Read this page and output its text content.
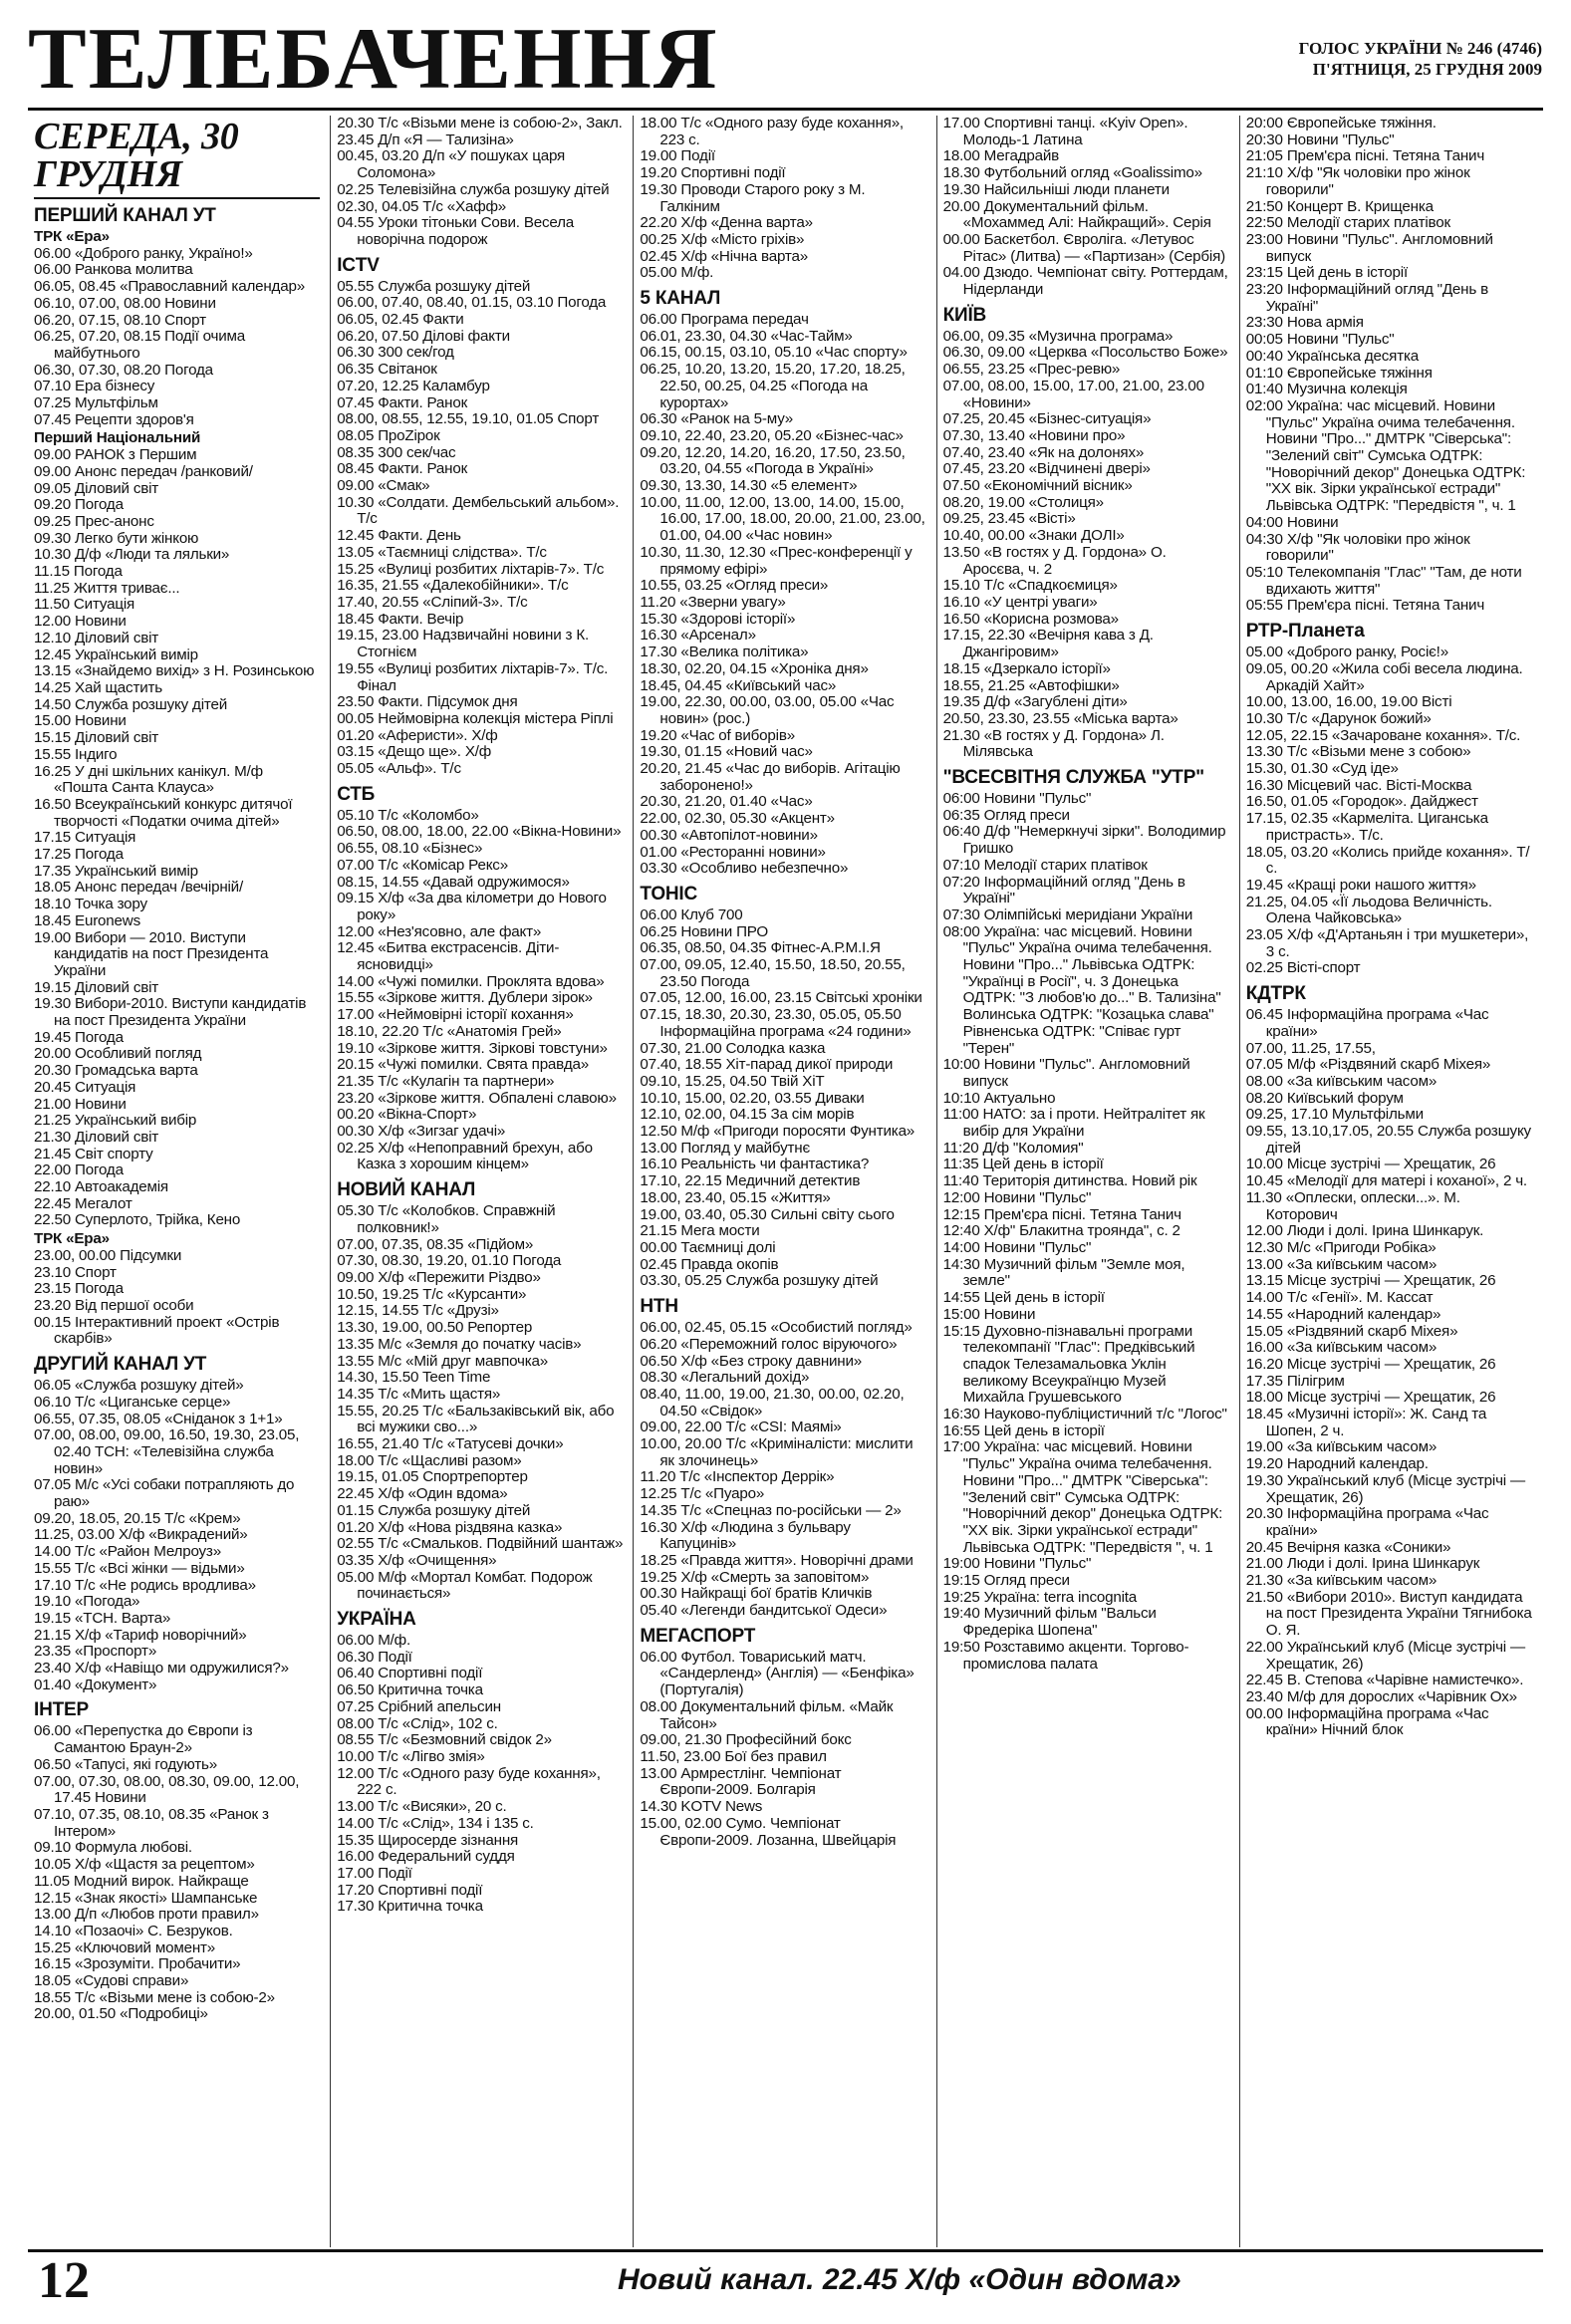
ТЕЛЕБАЧЕННЯ	ГОЛОС УКРАЇНИ № 246 (4746)
П'ЯТНИЦЯ, 25 ГРУДНЯ 2009
СЕРЕДА, 30 ГРУДНЯ
ПЕРШИЙ КАНАЛ УТ
ТРК «Ера»
06.00 «Доброго ранку, Україно!»
06.00 Ранкова молитва
06.05, 08.45 «Православний календар»
06.10, 07.00, 08.00 Новини
06.20, 07.15, 08.10 Спорт
06.25, 07.20, 08.15 Події очима майбутнього
06.30, 07.30, 08.20 Погода
07.10 Ера бізнесу
07.25 Мультфільм
07.45 Рецепти здоров'я
Перший Національний
09.00 РАНОК з Першим
09.00 Анонс передач /ранковий/
09.05 Діловий світ
09.20 Погода
09.25 Прес-анонс
09.30 Легко бути жінкою
10.30 Д/ф «Люди та ляльки»
11.15 Погода
11.25 Життя триває...
11.50 Ситуація
12.00 Новини
12.10 Діловий світ
12.45 Український вимір
13.15 «Знайдемо вихід» з Н. Розинською
14.25 Хай щастить
14.50 Служба розшуку дітей
15.00 Новини
15.15 Діловий світ
15.55 Індиго
16.25 У дні шкільних канікул. М/ф «Пошта Санта Клауса»
16.50 Всеукраїнський конкурс дитячої творчості «Податки очима дітей»
17.15 Ситуація
17.25 Погода
17.35 Український вимір
18.05 Анонс передач /вечірній/
18.10 Точка зору
18.45 Euronews
19.00 Вибори — 2010. Виступи кандидатів на пост Президента України
19.15 Діловий світ
19.30 Вибори-2010. Виступи кандидатів на пост Президента України
19.45 Погода
20.00 Особливий погляд
20.30 Громадська варта
20.45 Ситуація
21.00 Новини
21.25 Український вибір
21.30 Діловий світ
21.45 Світ спорту
22.00 Погода
22.10 Автоакадемія
22.45 Мегалот
22.50 Суперлото, Трійка, Кено
ТРК «Ера»
23.00, 00.00 Підсумки
23.10 Спорт
23.15 Погода
23.20 Від першої особи
00.15 Інтерактивний проект «Острів скарбів»
ДРУГИЙ КАНАЛ УТ
06.05 «Служба розшуку дітей»
06.10 Т/с «Циганське серце»
06.55, 07.35, 08.05 «Сніданок з 1+1»
07.00, 08.00, 09.00, 16.50, 19.30, 23.05, 02.40 ТСН: «Телевізійна служба новин»
07.05 М/с «Усі собаки потрапляють до раю»
09.20, 18.05, 20.15 Т/с «Крем»
11.25, 03.00 Х/ф «Викрадений»
14.00 Т/с «Район Мелроуз»
15.55 Т/с «Всі жінки — відьми»
17.10 Т/с «Не родись вродлива»
19.10 «Погода»
19.15 «ТСН. Варта»
21.15 Х/ф «Тариф новорічний»
23.35 «Проспорт»
23.40 Х/ф «Навіщо ми одружилися?»
01.40 «Документ»
ІНТЕР
06.00 «Перепустка до Європи із Самантою Браун-2»
06.50 «Тапусі, які годують»
07.00, 07.30, 08.00, 08.30, 09.00, 12.00, 17.45 Новини
07.10, 07.35, 08.10, 08.35 «Ранок з Інтером»
09.10 Формула любові.
10.05 Х/ф «Щастя за рецептом»
11.05 Модний вирок. Найкраще
12.15 «Знак якості» Шампанське
13.00 Д/п «Любов проти правил»
14.10 «Позаочі» С. Безруков.
15.25 «Ключовий момент»
16.15 «Зрозуміти. Пробачити»
18.05 «Судові справи»
18.55 Т/с «Візьми мене із собою-2»
20.00, 01.50 «Подробиці»
20.30 Т/с «Візьми мене із собою-2», Закл.
23.45 Д/п «Я — Тализіна»
00.45, 03.20 Д/п «У пошуках царя Соломона»
02.25 Телевізійна служба розшуку дітей
02.30, 04.05 Т/с «Хафф»
04.55 Уроки тітоньки Сови. Весела новорічна подорож
ICTV
05.55 Служба розшуку дітей
06.00, 07.40, 08.40, 01.15, 03.10 Погода
06.05, 02.45 Факти
06.20, 07.50 Ділові факти
06.30 300 сек/год
06.35 Світанок
07.20, 12.25 Каламбур
07.45 Факти. Ранок
08.00, 08.55, 12.55, 19.10, 01.05 Спорт
08.05 ПроZірок
08.35 300 сек/час
08.45 Факти. Ранок
09.00 «Смак»
10.30 «Солдати. Дембельський альбом». Т/с
12.45 Факти. День
13.05 «Таємниці слідства». Т/с
15.25 «Вулиці розбитих ліхтарів-7». Т/с
16.35, 21.55 «Далекобійники». Т/с
17.40, 20.55 «Сліпий-3». Т/с
18.45 Факти. Вечір
19.15, 23.00 Надзвичайні новини з К. Стогнієм
19.55 «Вулиці розбитих ліхтарів-7». Т/с. Фінал
23.50 Факти. Підсумок дня
00.05 Неймовірна колекція містера Ріплі
01.20 «Аферисти». Х/ф
03.15 «Дещо ще». Х/ф
05.05 «Альф». Т/с
СТБ
05.10 Т/с «Коломбо»
06.50, 08.00, 18.00, 22.00 «Вікна-Новини»
06.55, 08.10 «Бізнес»
07.00 Т/с «Комісар Рекс»
08.15, 14.55 «Давай одружимося»
09.15 Х/ф «За два кілометри до Нового року»
12.00 «Нез'ясовно, але факт»
12.45 «Битва екстрасенсів. Діти-ясновидці»
14.00 «Чужі помилки. Проклята вдова»
15.55 «Зіркове життя. Дублери зірок»
17.00 «Неймовірні історії кохання»
18.10, 22.20 Т/с «Анатомія Грей»
19.10 «Зіркове життя. Зіркові товстуни»
20.15 «Чужі помилки. Свята правда»
21.35 Т/с «Кулагін та партнери»
23.20 «Зіркове життя. Обпалені славою»
00.20 «Вікна-Спорт»
00.30 Х/ф «Зигзаг удачі»
02.25 Х/ф «Непоправний брехун, або Казка з хорошим кінцем»
НОВИЙ КАНАЛ
05.30 Т/с «Колобков. Справжній полковник!»
07.00, 07.35, 08.35 «Підйом»
07.30, 08.30, 19.20, 01.10 Погода
09.00 Х/ф «Пережити Різдво»
10.50, 19.25 Т/с «Курсанти»
12.15, 14.55 Т/с «Друзі»
13.30, 19.00, 00.50 Репортер
13.35 М/с «Земля до початку часів»
13.55 М/с «Мій друг мавпочка»
14.30, 15.50 Teen Time
14.35 Т/с «Мить щастя»
15.55, 20.25 Т/с «Бальзаківський вік, або всі мужики сво...»
16.55, 21.40 Т/с «Татусеві дочки»
18.00 Т/с «Щасливі разом»
19.15, 01.05 Спортрепортер
22.45 Х/ф «Один вдома»
01.15 Служба розшуку дітей
01.20 Х/ф «Нова різдвяна казка»
02.55 Т/с «Смальков. Подвійний шантаж»
03.35 Х/ф «Очищення»
05.00 М/ф «Мортал Комбат. Подорож починається»
УКРАЇНА
06.00 М/ф.
06.30 Події
06.40 Спортивні події
06.50 Критична точка
07.25 Срібний апельсин
08.00 Т/с «Слід», 102 с.
08.55 Т/с «Безмовний свідок 2»
10.00 Т/с «Лігво змія»
12.00 Т/с «Одного разу буде кохання», 222 с.
13.00 Т/с «Висяки», 20 с.
14.00 Т/с «Слід», 134 і 135 с.
15.35 Щиросерде зізнання
16.00 Федеральний суддя
17.00 Події
17.20 Спортивні події
17.30 Критична точка
18.00 Т/с «Одного разу буде кохання», 223 с.
19.00 Події
19.20 Спортивні події
19.30 Проводи Старого року з М. Галкіним
22.20 Х/ф «Денна варта»
00.25 Х/ф «Місто гріхів»
02.45 Х/ф «Нічна варта»
05.00 М/ф.
5 КАНАЛ
06.00 Програма передач
06.01, 23.30, 04.30 «Час-Тайм»
06.15, 00.15, 03.10, 05.10 «Час спорту»
06.25, 10.20, 13.20, 15.20, 17.20, 18.25, 22.50, 00.25, 04.25 «Погода на курортах»
06.30 «Ранок на 5-му»
09.10, 22.40, 23.20, 05.20 «Бізнес-час»
09.20, 12.20, 14.20, 16.20, 17.50, 23.50, 03.20, 04.55 «Погода в Україні»
09.30, 13.30, 14.30 «5 елемент»
10.00, 11.00, 12.00, 13.00, 14.00, 15.00, 16.00, 17.00, 18.00, 20.00, 21.00, 23.00, 01.00, 04.00 «Час новин»
10.30, 11.30, 12.30 «Прес-конференції у прямому ефірі»
10.55, 03.25 «Огляд преси»
11.20 «Зверни увагу»
15.30 «Здорові історії»
16.30 «Арсенал»
17.30 «Велика політика»
18.30, 02.20, 04.15 «Хроніка дня»
18.45, 04.45 «Київський час»
19.00, 22.30, 00.00, 03.00, 05.00 «Час новин» (рос.)
19.20 «Час of виборів»
19.30, 01.15 «Новий час»
20.20, 21.45 «Час до виборів. Агітацію заборонено!»
20.30, 21.20, 01.40 «Час»
22.00, 02.30, 05.30 «Акцент»
00.30 «Автопілот-новини»
01.00 «Ресторанні новини»
03.30 «Особливо небезпечно»
ТОНІС
06.00 Клуб 700
06.25 Новини ПРО
06.35, 08.50, 04.35 Фітнес-А.Р.М.І.Я
07.00, 09.05, 12.40, 15.50, 18.50, 20.55, 23.50 Погода
07.05, 12.00, 16.00, 23.15 Світські хроніки
07.15, 18.30, 20.30, 23.30, 05.05, 05.50 Інформаційна програма «24 години»
07.30, 21.00 Солодка казка
07.40, 18.55 Хіт-парад дикої природи
09.10, 15.25, 04.50 Твій ХіТ
10.10, 15.00, 02.20, 03.55 Диваки
12.10, 02.00, 04.15 За сім морів
12.50 М/ф «Пригоди поросяти Фунтика»
13.00 Погляд у майбутнє
16.10 Реальність чи фантастика?
17.10, 22.15 Медичний детектив
18.00, 23.40, 05.15 «Життя»
19.00, 03.40, 05.30 Сильні світу сього
21.15 Мега мости
00.00 Таємниці долі
02.45 Правда окопів
03.30, 05.25 Служба розшуку дітей
НТН
06.00, 02.45, 05.15 «Особистий погляд»
06.20 «Переможний голос віруючого»
06.50 Х/ф «Без строку давнини»
08.30 «Легальний дохід»
08.40, 11.00, 19.00, 21.30, 00.00, 02.20, 04.50 «Свідок»
09.00, 22.00 Т/с «CSI: Маямі»
10.00, 20.00 Т/с «Криміналісти: мислити як злочинець»
11.20 Т/с «Інспектор Деррік»
12.25 Т/с «Пуаро»
14.35 Т/с «Спецназ по-російськи — 2»
16.30 Х/ф «Людина з бульвару Капуцинів»
18.25 «Правда життя». Новорічні драми
19.25 Х/ф «Смерть за заповітом»
00.30 Найкращі бої братів Кличків
05.40 «Легенди бандитської Одеси»
МЕГАСПОРТ
06.00 Футбол. Товариський матч. «Сандерленд» (Англія) — «Бенфіка» (Португалія)
08.00 Документальний фільм. «Майк Тайсон»
09.00, 21.30 Професійний бокс
11.50, 23.00 Бої без правил
13.00 Армрестлінг. Чемпіонат Європи-2009. Болгарія
14.30 KOTV News
15.00, 02.00 Сумо. Чемпіонат Європи-2009. Лозанна, Швейцарія
17.00 Спортивні танці. «Kyiv Open». Молодь-1 Латина
18.00 Мегадрайв
18.30 Футбольний огляд «Goalissimo»
19.30 Найсильніші люди планети
20.00 Документальний фільм. «Мохаммед Алі: Найкращий». Серія
00.00 Баскетбол. Євроліга. «Летувос Рітас» (Литва) — «Партизан» (Сербія)
04.00 Дзюдо. Чемпіонат світу. Роттердам, Нідерланди
КИЇВ
06.00, 09.35 «Музична програма»
06.30, 09.00 «Церква «Посольство Боже»
06.55, 23.25 «Прес-ревю»
07.00, 08.00, 15.00, 17.00, 21.00, 23.00 «Новини»
07.25, 20.45 «Бізнес-ситуація»
07.30, 13.40 «Новини про»
07.40, 23.40 «Як на долонях»
07.45, 23.20 «Відчинені двері»
07.50 «Економічний вісник»
08.20, 19.00 «Столиця»
09.25, 23.45 «Вісті»
10.40, 00.00 «Знаки ДОЛІ»
13.50 «В гостях у Д. Гордона» О. Аросєва, ч. 2
15.10 Т/с «Спадкоємиця»
16.10 «У центрі уваги»
16.50 «Корисна розмова»
17.15, 22.30 «Вечірня кава з Д. Джангіровим»
18.15 «Дзеркало історії»
18.55, 21.25 «Автофішки»
19.35 Д/ф «Загублені діти»
20.50, 23.30, 23.55 «Міська варта»
21.30 «В гостях у Д. Гордона» Л. Мілявська
"ВСЕСВІТНЯ СЛУЖБА "УТР"
06:00 Новини "Пульс"
06:35 Огляд преси
06:40 Д/ф "Немеркнучі зірки". Володимир Гришко
07:10 Мелодії старих платівок
07:20 Інформаційний огляд "День в Україні"
07:30 Олімпійські меридіани України
08:00 Україна: час місцевий. Новини "Пульс" Україна очима телебачення. Новини "Про..." Львівська ОДТРК: "Українці в Росії", ч. 3 Донецька ОДТРК: "З любов'ю до..." В. Тализіна" Волинська ОДТРК: "Козацька слава" Рівненська ОДТРК: "Співає гурт "Терен"
10:00 Новини "Пульс". Англомовний випуск
10:10 Актуально
11:00 НАТО: за і проти. Нейтралітет як вибір для України
11:20 Д/ф "Коломия"
11:35 Цей день в історії
11:40 Територія дитинства. Новий рік
12:00 Новини "Пульс"
12:15 Прем'єра пісні. Тетяна Танич
12:40 Х/ф" Блакитна троянда", с. 2
14:00 Новини "Пульс"
14:30 Музичний фільм "Земле моя, земле"
14:55 Цей день в історії
15:00 Новини
15:15 Духовно-пізнавальні програми телекомпанії "Глас": Предківський спадок Телезамальовка Уклін великому Всеукраїнцю Музей Михайла Грушевського
16:30 Науково-публіцистичний т/с "Логос"
16:55 Цей день в історії
17:00 Україна: час місцевий. Новини "Пульс" Україна очима телебачення. Новини "Про..." ДМТРК "Сіверська": "Зелений світ" Сумська ОДТРК: "Новорічний декор" Донецька ОДТРК: "ХХ вік. Зірки української естради" Львівська ОДТРК: "Передвістя ", ч. 1
19:00 Новини "Пульс"
19:15 Огляд преси
19:25 Україна: terra incognita
19:40 Музичний фільм "Вальси Фредеріка Шопена"
19:50 Розставимо акценти. Торгово-промислова палата
20:00 Європейське тяжіння.
20:30 Новини "Пульс"
21:05 Прем'єра пісні. Тетяна Танич
21:10 Х/ф "Як чоловіки про жінок говорили"
21:50 Концерт В. Крищенка
22:50 Мелодії старих платівок
23:00 Новини "Пульс". Англомовний випуск
23:15 Цей день в історії
23:20 Інформаційний огляд "День в Україні"
23:30 Нова армія
00:05 Новини "Пульс"
00:40 Українська десятка
01:10 Європейське тяжіння
01:40 Музична колекція
02:00 Україна: час місцевий. Новини "Пульс" Україна очима телебачення. Новини "Про..." ДМТРК "Сіверська": "Зелений світ" Сумська ОДТРК: "Новорічний декор" Донецька ОДТРК: "ХХ вік. Зірки української естради" Львівська ОДТРК: "Передвістя ", ч. 1
04:00 Новини
04:30 Х/ф "Як чоловіки про жінок говорили"
05:10 Телекомпанія "Глас" "Там, де ноти вдихають життя"
05:55 Прем'єра пісні. Тетяна Танич
РТР-Планета
05.00 «Доброго ранку, Росіє!»
09.05, 00.20 «Жила собі весела людина. Аркадій Хайт»
10.00, 13.00, 16.00, 19.00 Вісті
10.30 Т/с «Дарунок божий»
12.05, 22.15 «Зачароване кохання». Т/с.
13.30 Т/с «Візьми мене з собою»
15.30, 01.30 «Суд іде»
16.30 Місцевий час. Вісті-Москва
16.50, 01.05 «Городок». Дайджест
17.15, 02.35 «Кармеліта. Циганська пристрасть». Т/с.
18.05, 03.20 «Колись прийде кохання». Т/с.
19.45 «Кращі роки нашого життя»
21.25, 04.05 «Її льодова Величність. Олена Чайковська»
23.05 Х/ф «Д'Артаньян і три мушкетери», 3 с.
02.25 Вісті-спорт
КДТРК
06.45 Інформаційна програма «Час країни»
07.00, 11.25, 17.55,
07.05 М/ф «Різдвяний скарб Міхея»
08.00 «За київським часом»
08.20 Київський форум
09.25, 17.10 Мультфільми
09.55, 13.10,17.05, 20.55 Служба розшуку дітей
10.00 Місце зустрічі — Хрещатик, 26
10.45 «Мелодії для матері і коханої», 2 ч.
11.30 «Оплески, оплески...». М. Которович
12.00 Люди і долі. Ірина Шинкарук.
12.30 М/с «Пригоди Робіка»
13.00 «За київським часом»
13.15 Місце зустрічі — Хрещатик, 26
14.00 Т/с «Генії». М. Кассат
14.55 «Народний календар»
15.05 «Різдвяний скарб Міхея»
16.00 «За київським часом»
16.20 Місце зустрічі — Хрещатик, 26
17.35 Пілігрим
18.00 Місце зустрічі — Хрещатик, 26
18.45 «Музичні історії»: Ж. Санд та Шопен, 2 ч.
19.00 «За київським часом»
19.20 Народний календар.
19.30 Український клуб (Місце зустрічі — Хрещатик, 26)
20.30 Інформаційна програма «Час країни»
20.45 Вечірня казка «Соники»
21.00 Люди і долі. Ірина Шинкарук
21.30 «За київським часом»
21.50 «Вибори 2010». Виступ кандидата на пост Президента України Тягнибока О. Я.
22.00 Український клуб (Місце зустрічі — Хрещатик, 26)
22.45 В. Степова «Чарівне намистечко».
23.40 М/ф для дорослих «Чарівник Ох»
00.00 Інформаційна програма «Час країни» Нічний блок
12	Новий канал. 22.45 Х/ф «Один вдома»
